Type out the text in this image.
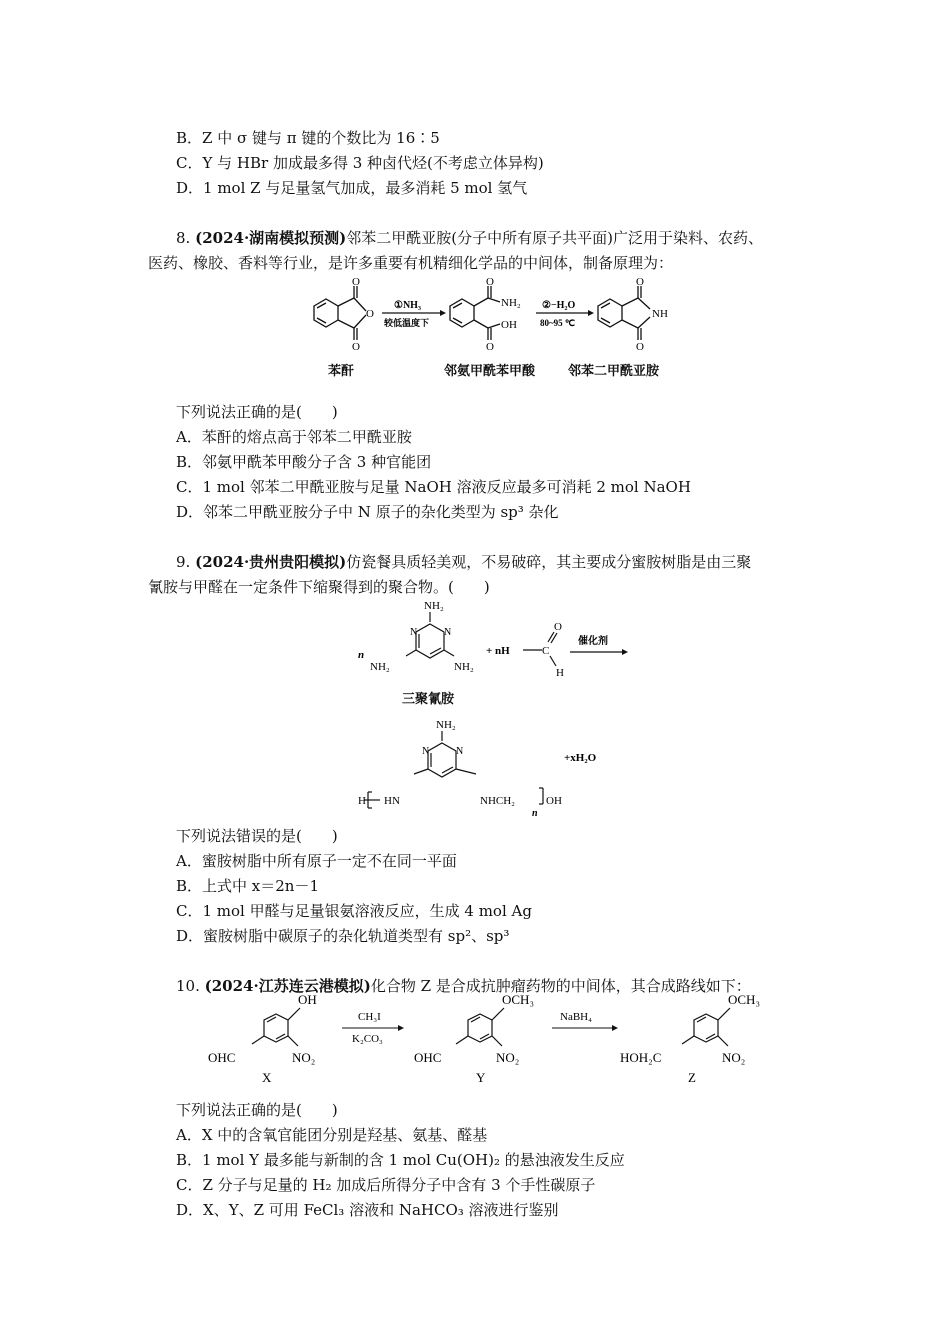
B．Z 中 σ 键与 π 键的个数比为 16∶5
C．Y 与 HBr 加成最多得 3 种卤代烃(不考虑立体异构)
D．1 mol Z 与足量氢气加成，最多消耗 5 mol 氢气
8. (2024·湖南模拟预测)邻苯二甲酰亚胺(分子中所有原子共平面)广泛用于染料、农药、
医药、橡胶、香料等行业，是许多重要有机精细化学品的中间体，制备原理为：
O
O
O
①NH₃
较低温度下
O
NH₂
OH
O
②−H₂O
80~95 ℃
O
NH
O
苯酐	邻氨甲酰苯甲酸	邻苯二甲酰亚胺
下列说法正确的是(　　)
A．苯酐的熔点高于邻苯二甲酰亚胺
B．邻氨甲酰苯甲酸分子含 3 种官能团
C．1 mol 邻苯二甲酰亚胺与足量 NaOH 溶液反应最多可消耗 2 mol NaOH
D．邻苯二甲酰亚胺分子中 N 原子的杂化类型为 sp³ 杂化
9. (2024·贵州贵阳模拟)仿瓷餐具质轻美观，不易破碎，其主要成分蜜胺树脂是由三聚
氰胺与甲醛在一定条件下缩聚得到的聚合物。(　　)
n
NH₂
N	N
NH₂	NH₂
+ nH	C
O
H
催化剂
NH₂
N	N
H HN	NHCH₂	OH
n
+xH₂O
三聚氰胺
下列说法错误的是(　　)
A．蜜胺树脂中所有原子一定不在同一平面
B．上式中 x＝2n－1
C．1 mol 甲醛与足量银氨溶液反应，生成 4 mol Ag
D．蜜胺树脂中碳原子的杂化轨道类型有 sp²、sp³
10. (2024·江苏连云港模拟)化合物 Z 是合成抗肿瘤药物的中间体，其合成路线如下：
OH
OHC	NO₂
X
CH₃I
K₂CO₃
OCH₃
OHC	NO₂
Y
NaBH₄
OCH₃
HOH₂C	NO₂
Z
下列说法正确的是(　　)
A．X 中的含氧官能团分别是羟基、氨基、醛基
B．1 mol Y 最多能与新制的含 1 mol Cu(OH)₂ 的悬浊液发生反应
C．Z 分子与足量的 H₂ 加成后所得分子中含有 3 个手性碳原子
D．X、Y、Z 可用 FeCl₃ 溶液和 NaHCO₃ 溶液进行鉴别
